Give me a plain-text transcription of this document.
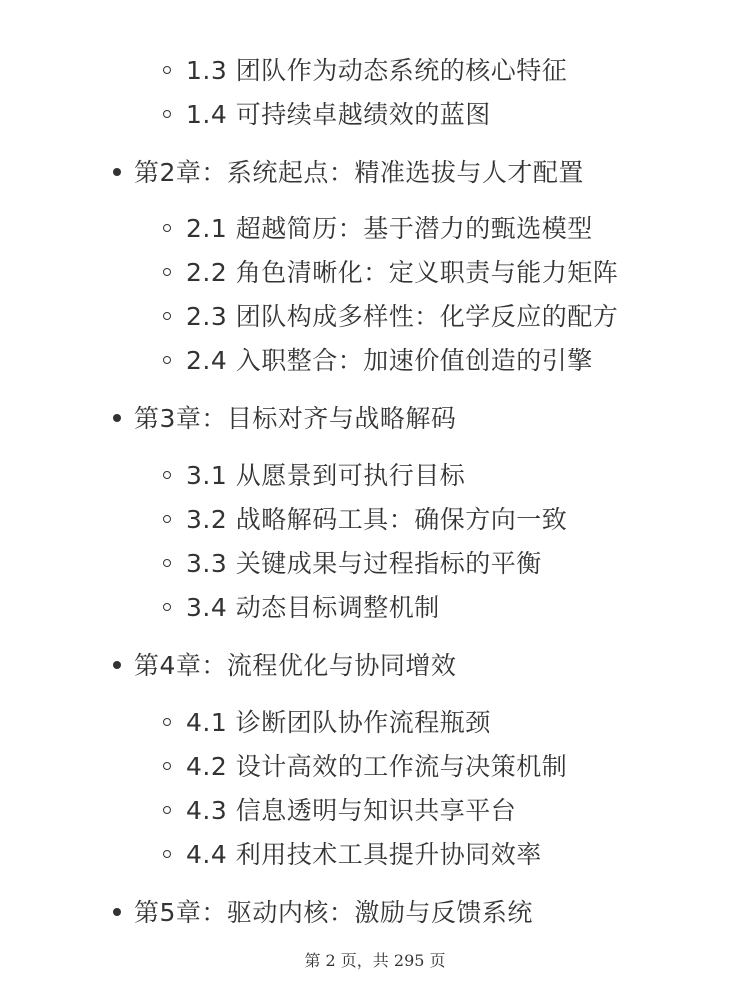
1.3 团队作为动态系统的核心特征
1.4 可持续卓越绩效的蓝图
第2章：系统起点：精准选拔与人才配置
2.1 超越简历：基于潜力的甄选模型
2.2 角色清晰化：定义职责与能力矩阵
2.3 团队构成多样性：化学反应的配方
2.4 入职整合：加速价值创造的引擎
第3章：目标对齐与战略解码
3.1 从愿景到可执行目标
3.2 战略解码工具：确保方向一致
3.3 关键成果与过程指标的平衡
3.4 动态目标调整机制
第4章：流程优化与协同增效
4.1 诊断团队协作流程瓶颈
4.2 设计高效的工作流与决策机制
4.3 信息透明与知识共享平台
4.4 利用技术工具提升协同效率
第5章：驱动内核：激励与反馈系统
第 2 页，共 295 页
